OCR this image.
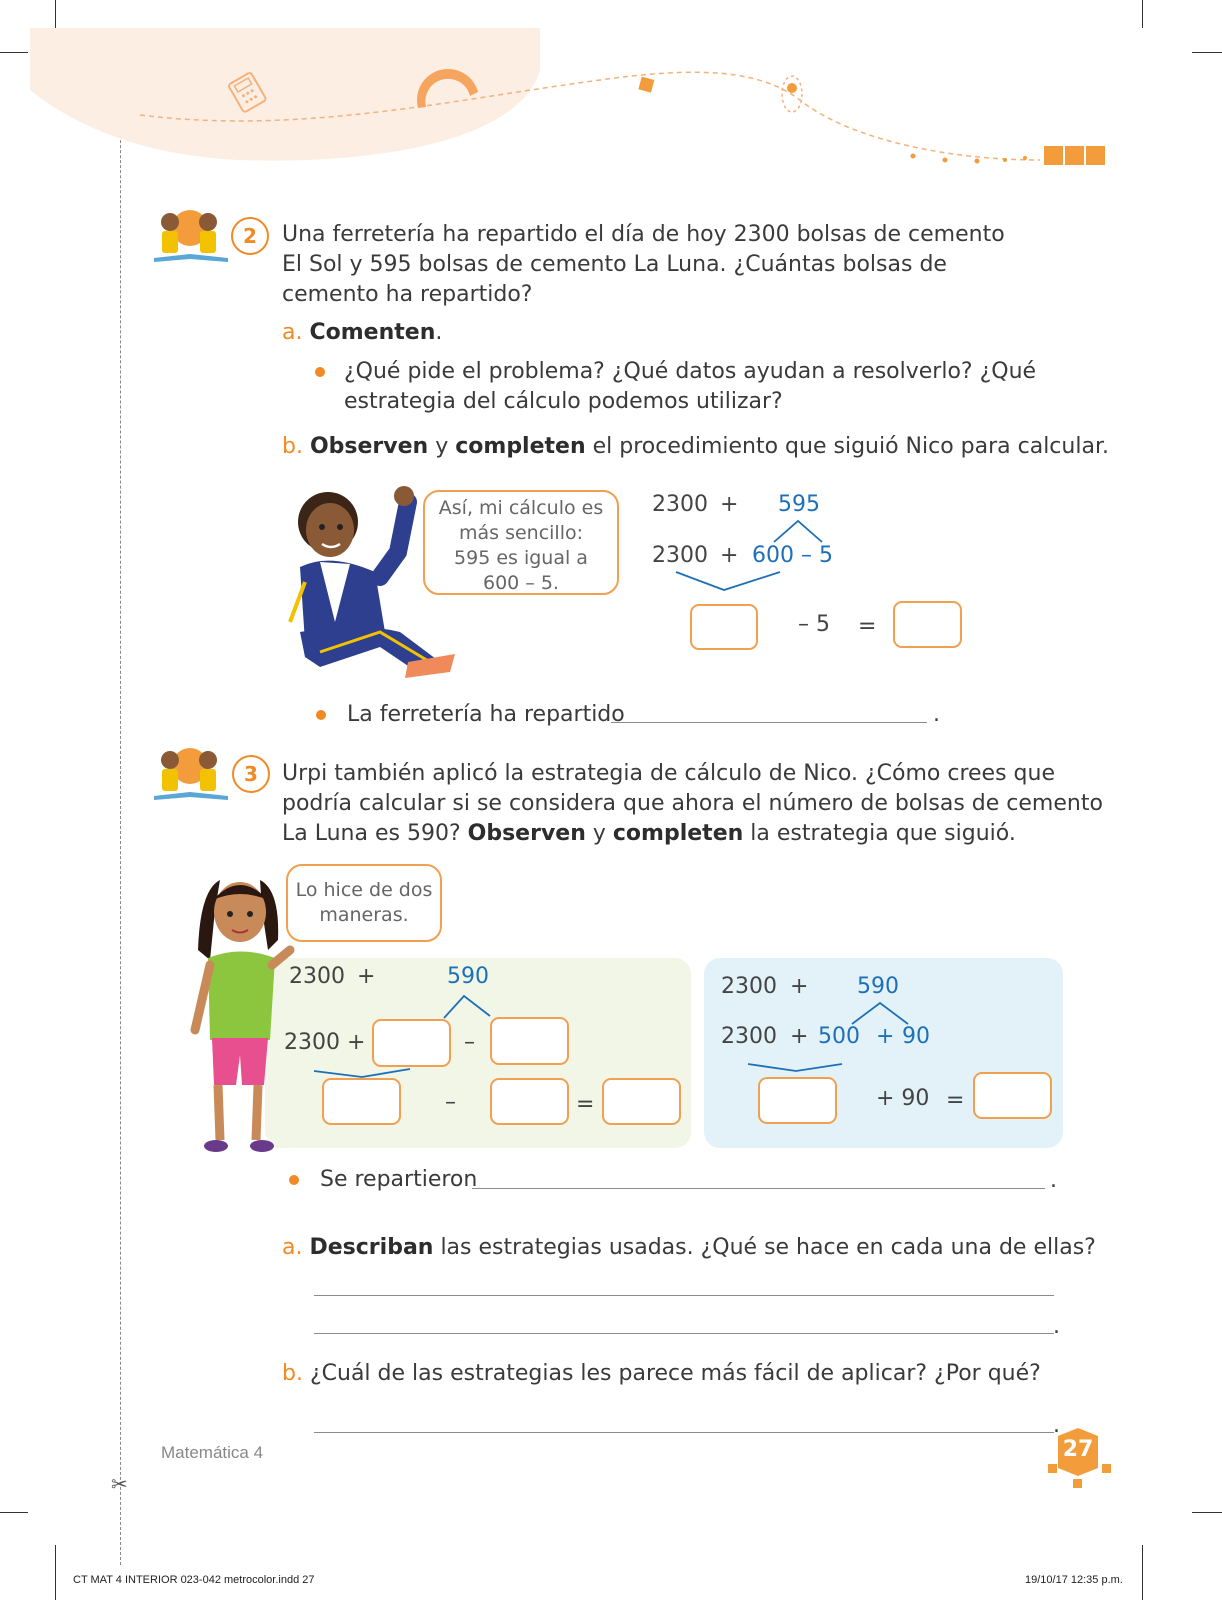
✂
2	Una ferretería ha repartido el día de hoy 2300 bolsas de cemento
El Sol y 595 bolsas de cemento La Luna. ¿Cuántas bolsas de
cemento ha repartido?
a. Comenten.
¿Qué pide el problema? ¿Qué datos ayudan a resolverlo? ¿Qué
estrategia del cálculo podemos utilizar?
b. Observen y completen el procedimiento que siguió Nico para calcular.
Así, mi cálculo es
más sencillo:
595 es igual a
600 – 5.
2300 + 595
2300 + 600 – 5
– 5 =
La ferretería ha repartido	.
3	Urpi también aplicó la estrategia de cálculo de Nico. ¿Cómo crees que
podría calcular si se considera que ahora el número de bolsas de cemento
La Luna es 590? Observen y completen la estrategia que siguió.
Lo hice de dos
maneras.
2300 +	590
2300 +	–
–	=
2300 + 590
2300 + 500 + 90
+ 90 =
Se repartieron	.
a. Describan las estrategias usadas. ¿Qué se hace en cada una de ellas?
.
b. ¿Cuál de las estrategias les parece más fácil de aplicar? ¿Por qué?
.
Matemática 4	27
CT MAT 4 INTERIOR 023-042 metrocolor.indd 27	19/10/17 12:35 p.m.
